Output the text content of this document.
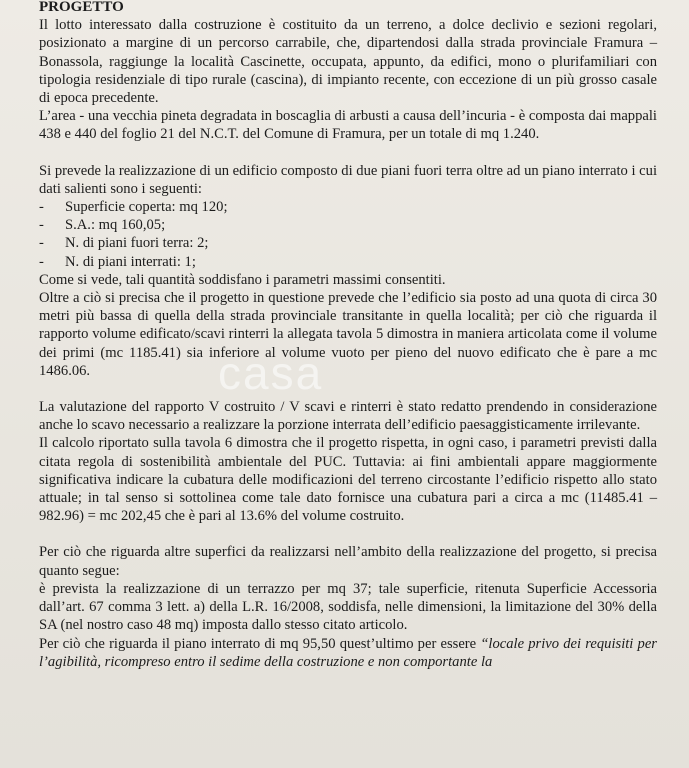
casa

PROGETTO

Il lotto interessato dalla costruzione è costituito da un terreno, a dolce declivio e sezioni regolari, posizionato a margine di un percorso carrabile, che, dipartendosi dalla strada provinciale Framura – Bonassola, raggiunge la località Cascinette, occupata, appunto, da edifici, mono o plurifamiliari con tipologia residenziale di tipo rurale (cascina), di impianto recente, con eccezione di un più grosso casale di epoca precedente.

L’area - una vecchia pineta degradata in boscaglia di arbusti a causa dell’incuria - è composta dai mappali 438 e 440 del foglio 21 del N.C.T. del Comune di Framura, per un totale di mq 1.240.

Si prevede la realizzazione di un edificio composto di due piani fuori terra oltre ad un piano interrato i cui dati salienti sono i seguenti:

-	Superficie coperta: mq 120;
-	S.A.: mq 160,05;
-	N. di piani fuori terra: 2;
-	N. di piani interrati: 1;

Come si vede, tali quantità soddisfano i parametri massimi consentiti.

Oltre a ciò si precisa che il progetto in questione prevede che l’edificio sia posto ad una quota di circa 30 metri più bassa di quella della strada provinciale transitante in quella località; per ciò che riguarda il rapporto volume edificato/scavi rinterri la allegata tavola 5 dimostra in maniera articolata come il volume dei primi (mc 1185.41) sia inferiore al volume vuoto per pieno del nuovo edificato che è pare a mc 1486.06.

La valutazione del rapporto V costruito / V scavi e rinterri è stato redatto prendendo in considerazione anche lo scavo necessario a realizzare la porzione interrata dell’edificio paesaggisticamente irrilevante.

Il calcolo riportato sulla tavola 6 dimostra che il progetto rispetta, in ogni caso, i parametri previsti dalla citata regola di sostenibilità ambientale del PUC. Tuttavia: ai fini ambientali appare maggiormente significativa indicare la cubatura delle modificazioni del terreno circostante l’edificio rispetto allo stato attuale; in tal senso si sottolinea come tale dato fornisce una cubatura pari a circa a mc (11485.41 – 982.96) = mc 202,45 che è pari al 13.6% del volume costruito.

Per ciò che riguarda altre superfici da realizzarsi nell’ambito della realizzazione del progetto, si precisa quanto segue:

è prevista la realizzazione di un terrazzo per mq 37; tale superficie, ritenuta Superficie Accessoria dall’art. 67 comma 3 lett. a) della L.R. 16/2008, soddisfa, nelle dimensioni, la limitazione del 30% della SA (nel nostro caso 48 mq) imposta dallo stesso citato articolo.

Per ciò che riguarda il piano interrato di mq 95,50 quest’ultimo per essere “locale privo dei requisiti per l’agibilità, ricompreso entro il sedime della costruzione e non comportante la
